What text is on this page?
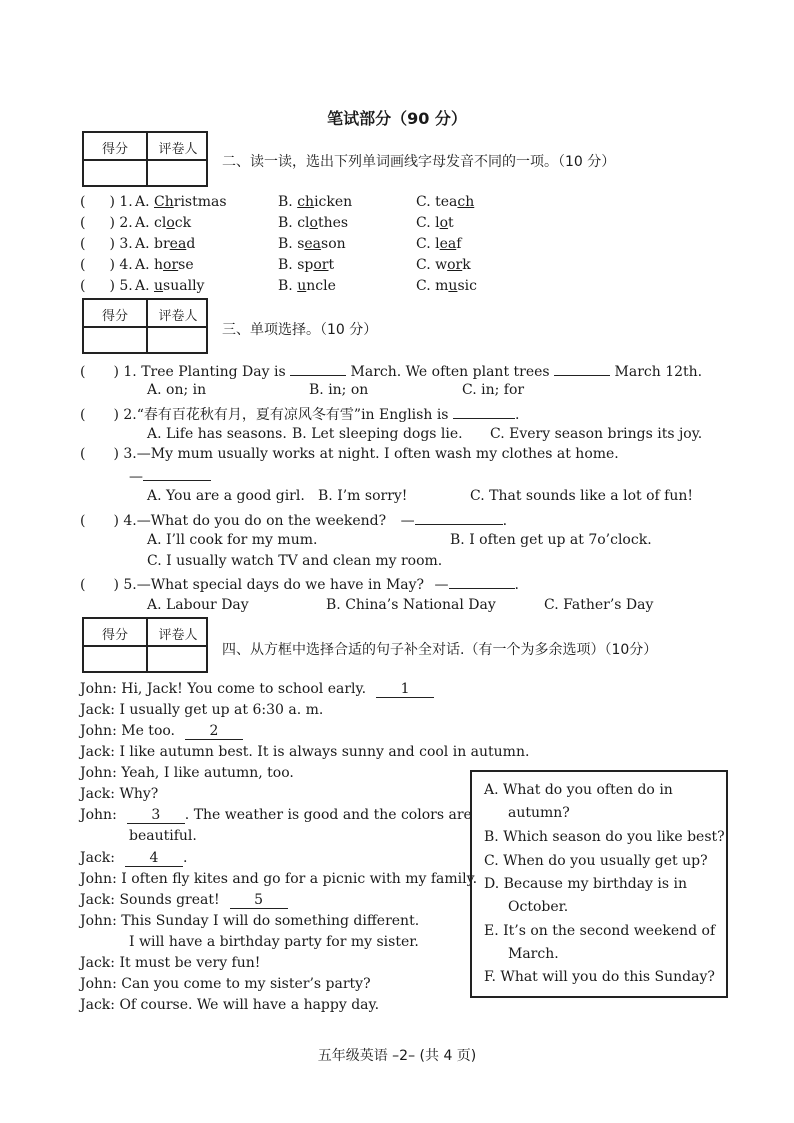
笔试部分（90 分）
得分	评卷人
二、读一读，选出下列单词画线字母发音不同的一项。（10 分）
( ) 1. A. Christmas	B. chicken	C. teach
( ) 2. A. clock	B. clothes	C. lot
( ) 3. A. bread	B. season	C. leaf
( ) 4. A. horse	B. sport	C. work
( ) 5. A. usually	B. uncle	C. music
得分	评卷人
三、单项选择。（10 分）
( ) 1. Tree Planting Day is	March. We often plant trees	March 12th.
A. on; in	B. in; on	C. in; for
( ) 2.“春有百花秋有月，夏有凉风冬有雪”in English is	.
A. Life has seasons. B. Let sleeping dogs lie. C. Every season brings its joy.
( ) 3.—My mum usually works at night. I often wash my clothes at home.
—
A. You are a good girl. B. I’m sorry!	C. That sounds like a lot of fun!
( ) 4.—What do you do on the weekend? —	.
A. I’ll cook for my mum.	B. I often get up at 7o’clock.
C. I usually watch TV and clean my room.
( ) 5.—What special days do we have in May? —	.
A. Labour Day	B. China’s National Day	C. Father’s Day
得分	评卷人
四、从方框中选择合适的句子补全对话.（有一个为多余选项）（10分）
John: Hi, Jack! You come to school early. 1
Jack: I usually get up at 6:30 a. m.
John: Me too. 2
Jack: I like autumn best. It is always sunny and cool in autumn.
John: Yeah, I like autumn, too.
Jack: Why?
John: 3 . The weather is good and the colors are
beautiful.
Jack: 4 .
John: I often fly kites and go for a picnic with my family.
Jack: Sounds great! 5
John: This Sunday I will do something different.
I will have a birthday party for my sister.
Jack: It must be very fun!
John: Can you come to my sister’s party?
Jack: Of course. We will have a happy day.
A. What do you often do in
autumn?
B. Which season do you like best?
C. When do you usually get up?
D. Because my birthday is in
October.
E. It’s on the second weekend of
March.
F. What will you do this Sunday?
五年级英语 –2– (共 4 页)
